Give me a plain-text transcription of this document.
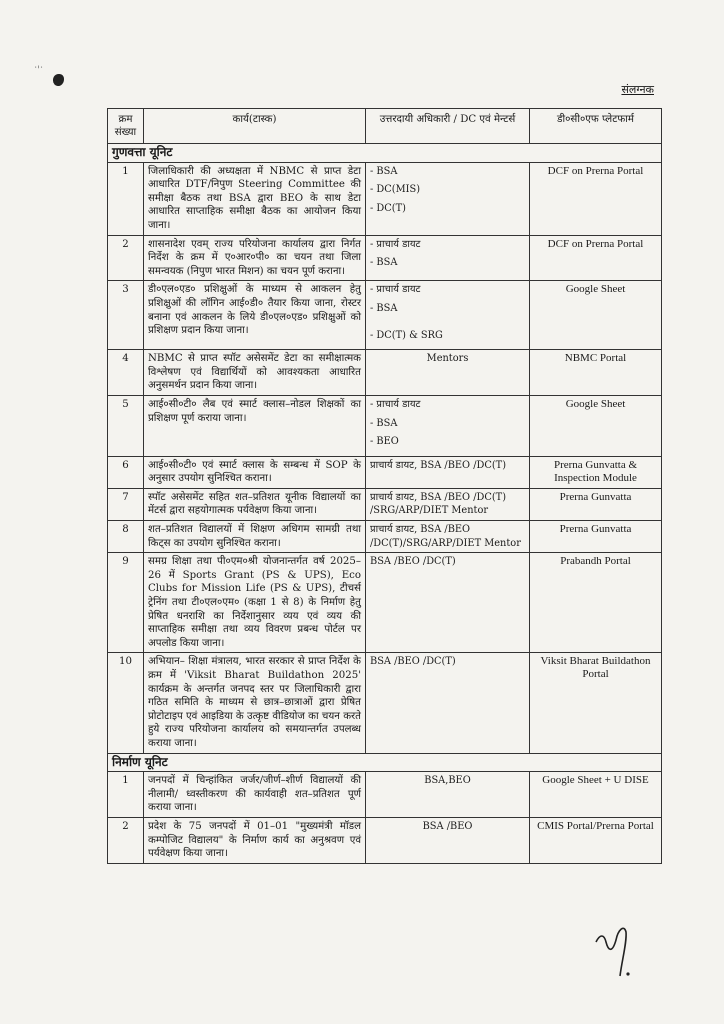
ॱ'ॱ
संलग्नक
क्रम संख्या	कार्य(टास्क)	उत्तरदायी अधिकारी / DC एवं मेन्टर्स	डी०सी०एफ प्लेटफार्म
गुणवत्ता यूनिट			
1	जिलाधिकारी की अध्यक्षता में NBMC से प्राप्त डेटा आधारित DTF/निपुण Steering Committee की समीक्षा बैठक तथा BSA द्वारा BEO के साथ डेटा आधारित साप्ताहिक समीक्षा बैठक का आयोजन किया जाना।	- BSA
- DC(MIS)
- DC(T)	DCF on Prerna Portal
2	शासनादेश एवम् राज्य परियोजना कार्यालय द्वारा निर्गत निर्देश के क्रम में ए०आर०पी० का चयन तथा जिला समन्वयक (निपुण भारत मिशन) का चयन पूर्ण कराना।	- प्राचार्य डायट
- BSA	DCF on Prerna Portal
3	डी०एल०एड० प्रशिक्षुओं के माध्यम से आकलन हेतु प्रशिक्षुओं की लॉगिन आई०डी० तैयार किया जाना, रोस्टर बनाना एवं आकलन के लिये डी०एल०एड० प्रशिक्षुओं को प्रशिक्षण प्रदान किया जाना।	- प्राचार्य डायट
- BSA
- DC(T) & SRG	Google Sheet
4	NBMC से प्राप्त स्पॉट असेसमेंट डेटा का समीक्षात्मक विश्लेषण एवं विद्यार्थियों को आवश्यकता आधारित अनुसमर्थन प्रदान किया जाना।	Mentors	NBMC Portal
5	आई०सी०टी० लैब एवं स्मार्ट क्लास–नोडल शिक्षकों का प्रशिक्षण पूर्ण कराया जाना।	- प्राचार्य डायट
- BSA
- BEO	Google Sheet
6	आई०सी०टी० एवं स्मार्ट क्लास के सम्बन्ध में SOP के अनुसार उपयोग सुनिश्चित कराना।	प्राचार्य डायट, BSA /BEO /DC(T)	Prerna Gunvatta & Inspection Module
7	स्पॉट असेसमेंट सहित शत–प्रतिशत यूनीक विद्यालयों का मेंटर्स द्वारा सहयोगात्मक पर्यवेक्षण किया जाना।	प्राचार्य डायट, BSA /BEO /DC(T) /SRG/ARP/DIET Mentor	Prerna Gunvatta
8	शत–प्रतिशत विद्यालयों में शिक्षण अधिगम सामग्री तथा किट्स का उपयोग सुनिश्चित कराना।	प्राचार्य डायट, BSA /BEO /DC(T)/SRG/ARP/DIET Mentor	Prerna Gunvatta
9	समग्र शिक्षा तथा पी०एम०श्री योजनान्तर्गत वर्ष 2025–26 में Sports Grant (PS & UPS), Eco Clubs for Mission Life (PS & UPS), टीचर्स ट्रेनिंग तथा टी०एल०एम० (कक्षा 1 से 8) के निर्माण हेतु प्रेषित धनराशि का निर्देशानुसार व्यय एवं व्यय की साप्ताहिक समीक्षा तथा व्यय विवरण प्रबन्ध पोर्टल पर अपलोड किया जाना।	BSA /BEO /DC(T)	Prabandh Portal
10	अभियान– शिक्षा मंत्रालय, भारत सरकार से प्राप्त निर्देश के क्रम में 'Viksit Bharat Buildathon 2025' कार्यक्रम के अन्तर्गत जनपद स्तर पर जिलाधिकारी द्वारा गठित समिति के माध्यम से छात्र–छात्राओं द्वारा प्रेषित प्रोटोटाइप एवं आइडिया के उत्कृष्ट वीडियोज का चयन करते हुये राज्य परियोजना कार्यालय को समयान्तर्गत उपलब्ध कराया जाना।	BSA /BEO /DC(T)	Viksit Bharat Buildathon Portal
निर्माण यूनिट			
1	जनपदों में चिन्हांकित जर्जर/जीर्ण–शीर्ण विद्यालयों की नीलामी/ ध्वस्तीकरण की कार्यवाही शत–प्रतिशत पूर्ण कराया जाना।	BSA,BEO	Google Sheet + U DISE
2	प्रदेश के 75 जनपदों में 01–01 "मुख्यमंत्री मॉडल कम्पोजिट विद्यालय" के निर्माण कार्य का अनुश्रवण एवं पर्यवेक्षण किया जाना।	BSA /BEO	CMIS Portal/Prerna Portal
